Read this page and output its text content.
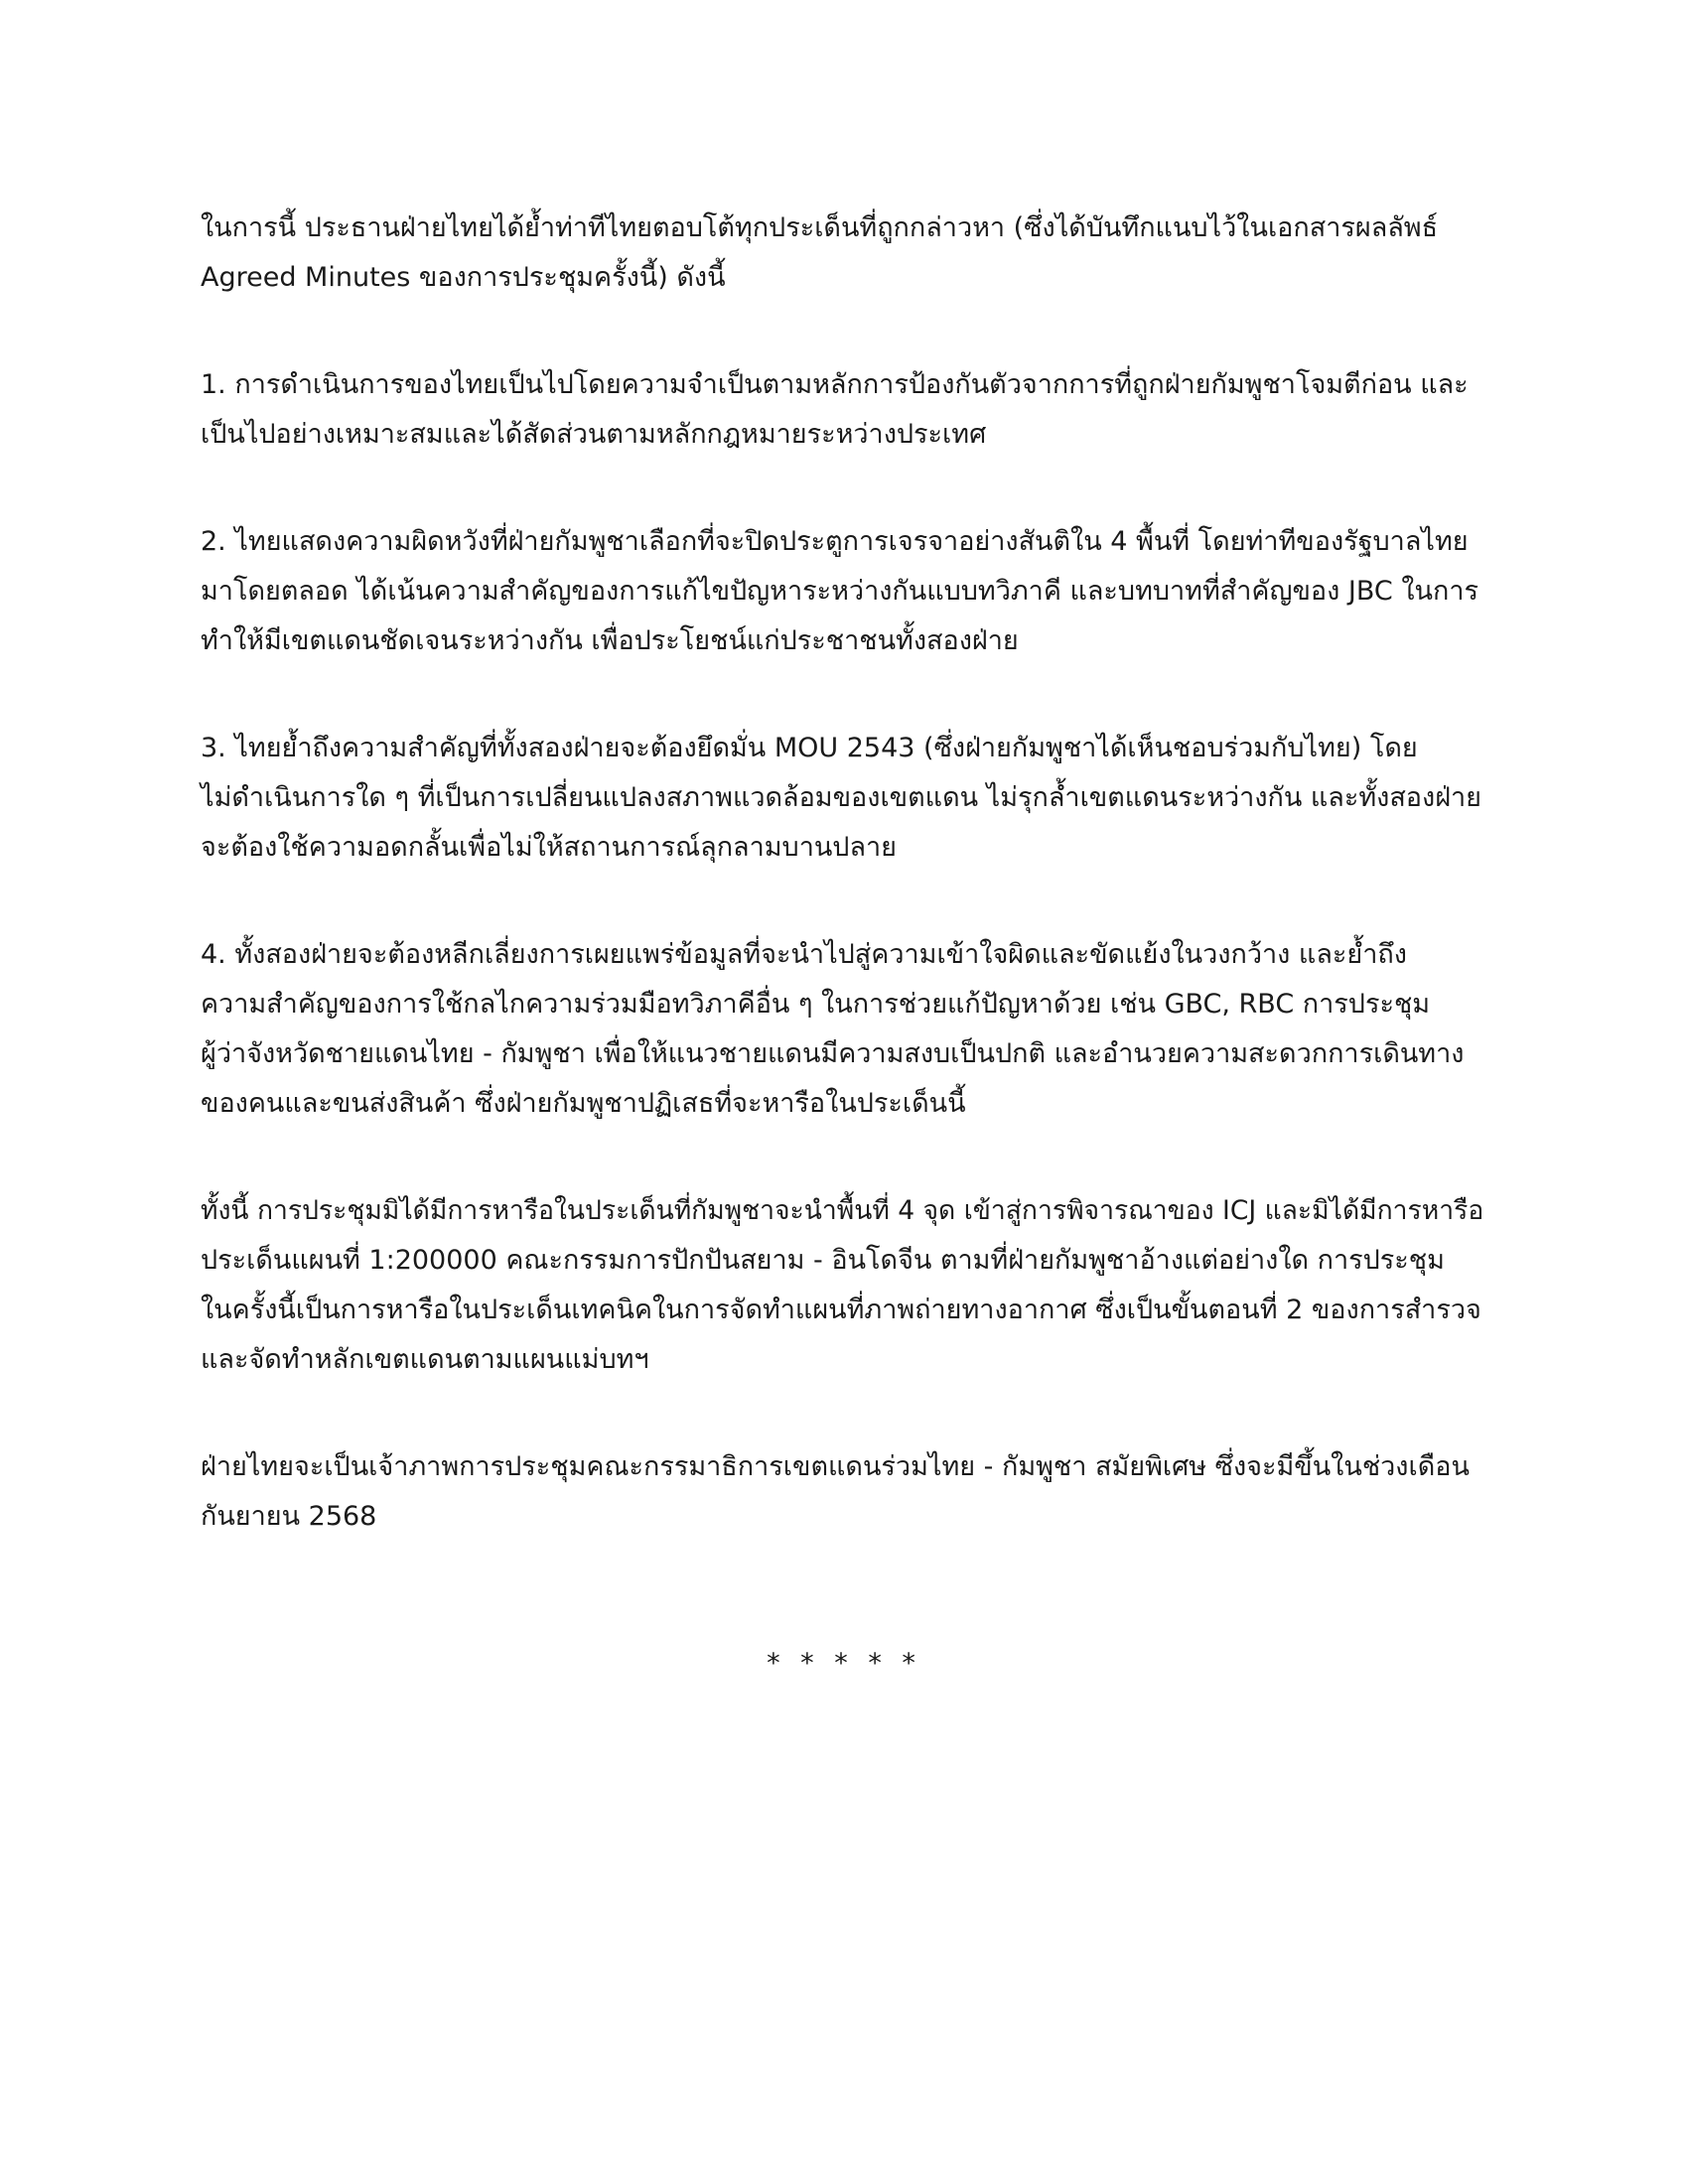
ในการนี้ ประธานฝ่ายไทยได้ย้ำท่าทีไทยตอบโต้ทุกประเด็นที่ถูกกล่าวหา (ซึ่งได้บันทึกแนบไว้ในเอกสารผลลัพธ์
Agreed Minutes ของการประชุมครั้งนี้) ดังนี้

1. การดำเนินการของไทยเป็นไปโดยความจำเป็นตามหลักการป้องกันตัวจากการที่ถูกฝ่ายกัมพูชาโจมตีก่อน และ
เป็นไปอย่างเหมาะสมและได้สัดส่วนตามหลักกฎหมายระหว่างประเทศ

2. ไทยแสดงความผิดหวังที่ฝ่ายกัมพูชาเลือกที่จะปิดประตูการเจรจาอย่างสันติใน 4 พื้นที่ โดยท่าทีของรัฐบาลไทย
มาโดยตลอด ได้เน้นความสำคัญของการแก้ไขปัญหาระหว่างกันแบบทวิภาคี และบทบาทที่สำคัญของ JBC ในการ
ทำให้มีเขตแดนชัดเจนระหว่างกัน เพื่อประโยชน์แก่ประชาชนทั้งสองฝ่าย

3. ไทยย้ำถึงความสำคัญที่ทั้งสองฝ่ายจะต้องยึดมั่น MOU 2543 (ซึ่งฝ่ายกัมพูชาได้เห็นชอบร่วมกับไทย) โดย
ไม่ดำเนินการใด ๆ ที่เป็นการเปลี่ยนแปลงสภาพแวดล้อมของเขตแดน ไม่รุกล้ำเขตแดนระหว่างกัน และทั้งสองฝ่าย
จะต้องใช้ความอดกลั้นเพื่อไม่ให้สถานการณ์ลุกลามบานปลาย

4. ทั้งสองฝ่ายจะต้องหลีกเลี่ยงการเผยแพร่ข้อมูลที่จะนำไปสู่ความเข้าใจผิดและขัดแย้งในวงกว้าง และย้ำถึง
ความสำคัญของการใช้กลไกความร่วมมือทวิภาคีอื่น ๆ ในการช่วยแก้ปัญหาด้วย เช่น GBC, RBC การประชุม
ผู้ว่าจังหวัดชายแดนไทย - กัมพูชา เพื่อให้แนวชายแดนมีความสงบเป็นปกติ และอำนวยความสะดวกการเดินทาง
ของคนและขนส่งสินค้า ซึ่งฝ่ายกัมพูชาปฏิเสธที่จะหารือในประเด็นนี้

ทั้งนี้ การประชุมมิได้มีการหารือในประเด็นที่กัมพูชาจะนำพื้นที่ 4 จุด เข้าสู่การพิจารณาของ ICJ และมิได้มีการหารือ
ประเด็นแผนที่ 1:200000 คณะกรรมการปักปันสยาม - อินโดจีน ตามที่ฝ่ายกัมพูชาอ้างแต่อย่างใด การประชุม
ในครั้งนี้เป็นการหารือในประเด็นเทคนิคในการจัดทำแผนที่ภาพถ่ายทางอากาศ ซึ่งเป็นขั้นตอนที่ 2 ของการสำรวจ
และจัดทำหลักเขตแดนตามแผนแม่บทฯ

ฝ่ายไทยจะเป็นเจ้าภาพการประชุมคณะกรรมาธิการเขตแดนร่วมไทย - กัมพูชา สมัยพิเศษ ซึ่งจะมีขึ้นในช่วงเดือน
กันยายน 2568

* * * * *
